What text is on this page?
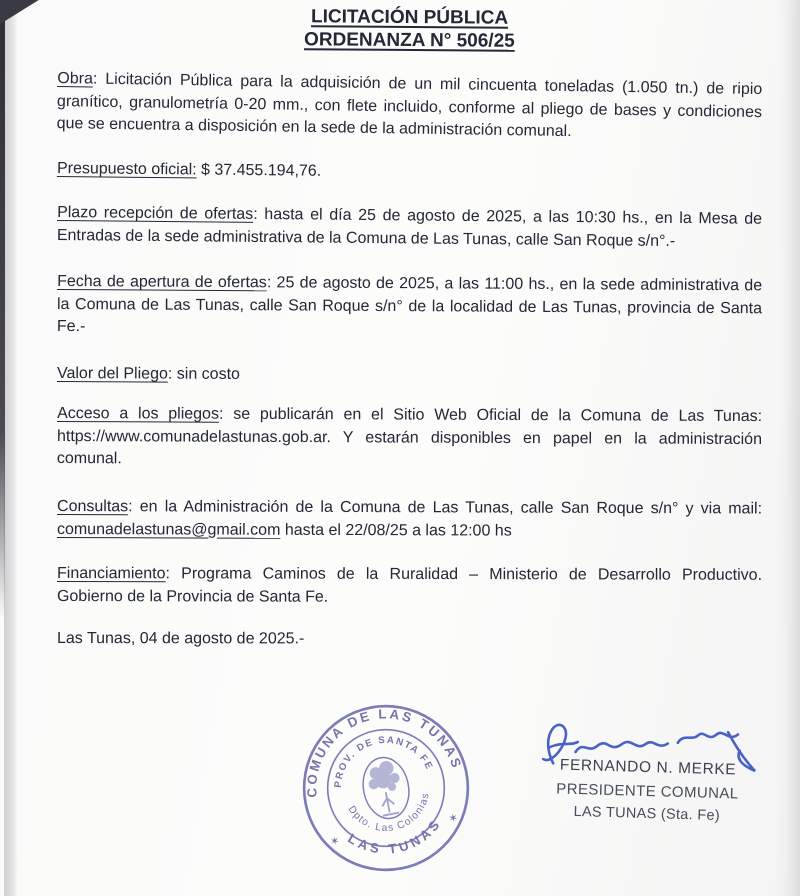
LICITACIÓN PÚBLICA
ORDENANZA N° 506/25

Obra: Licitación Pública para la adquisición de un mil cincuenta toneladas (1.050 tn.) de ripio granítico, granulometría 0-20 mm., con flete incluido, conforme al pliego de bases y condiciones que se encuentra a disposición en la sede de la administración comunal.

Presupuesto oficial: $ 37.455.194,76.

Plazo recepción de ofertas: hasta el día 25 de agosto de 2025, a las 10:30 hs., en la Mesa de Entradas de la sede administrativa de la Comuna de Las Tunas, calle San Roque s/n°.-

Fecha de apertura de ofertas: 25 de agosto de 2025, a las 11:00 hs., en la sede administrativa de la Comuna de Las Tunas, calle San Roque s/n° de la localidad de Las Tunas, provincia de Santa Fe.-

Valor del Pliego: sin costo

Acceso a los pliegos: se publicarán en el Sitio Web Oficial de la Comuna de Las Tunas: https://www.comunadelastunas.gob.ar. Y estarán disponibles en papel en la administración comunal.

Consultas: en la Administración de la Comuna de Las Tunas, calle San Roque s/n° y via mail: comunadelastunas@gmail.com hasta el 22/08/25 a las 12:00 hs

Financiamiento: Programa Caminos de la Ruralidad – Ministerio de Desarrollo Productivo. Gobierno de la Provincia de Santa Fe.

Las Tunas, 04 de agosto de 2025.-

COMUNA DE LAS TUNAS
LAS TUNAS
PROV. DE SANTA FE
Dpto. Las Colonias
✶
✶
FERNANDO N. MERKE
PRESIDENTE COMUNAL
LAS TUNAS (Sta. Fe)
